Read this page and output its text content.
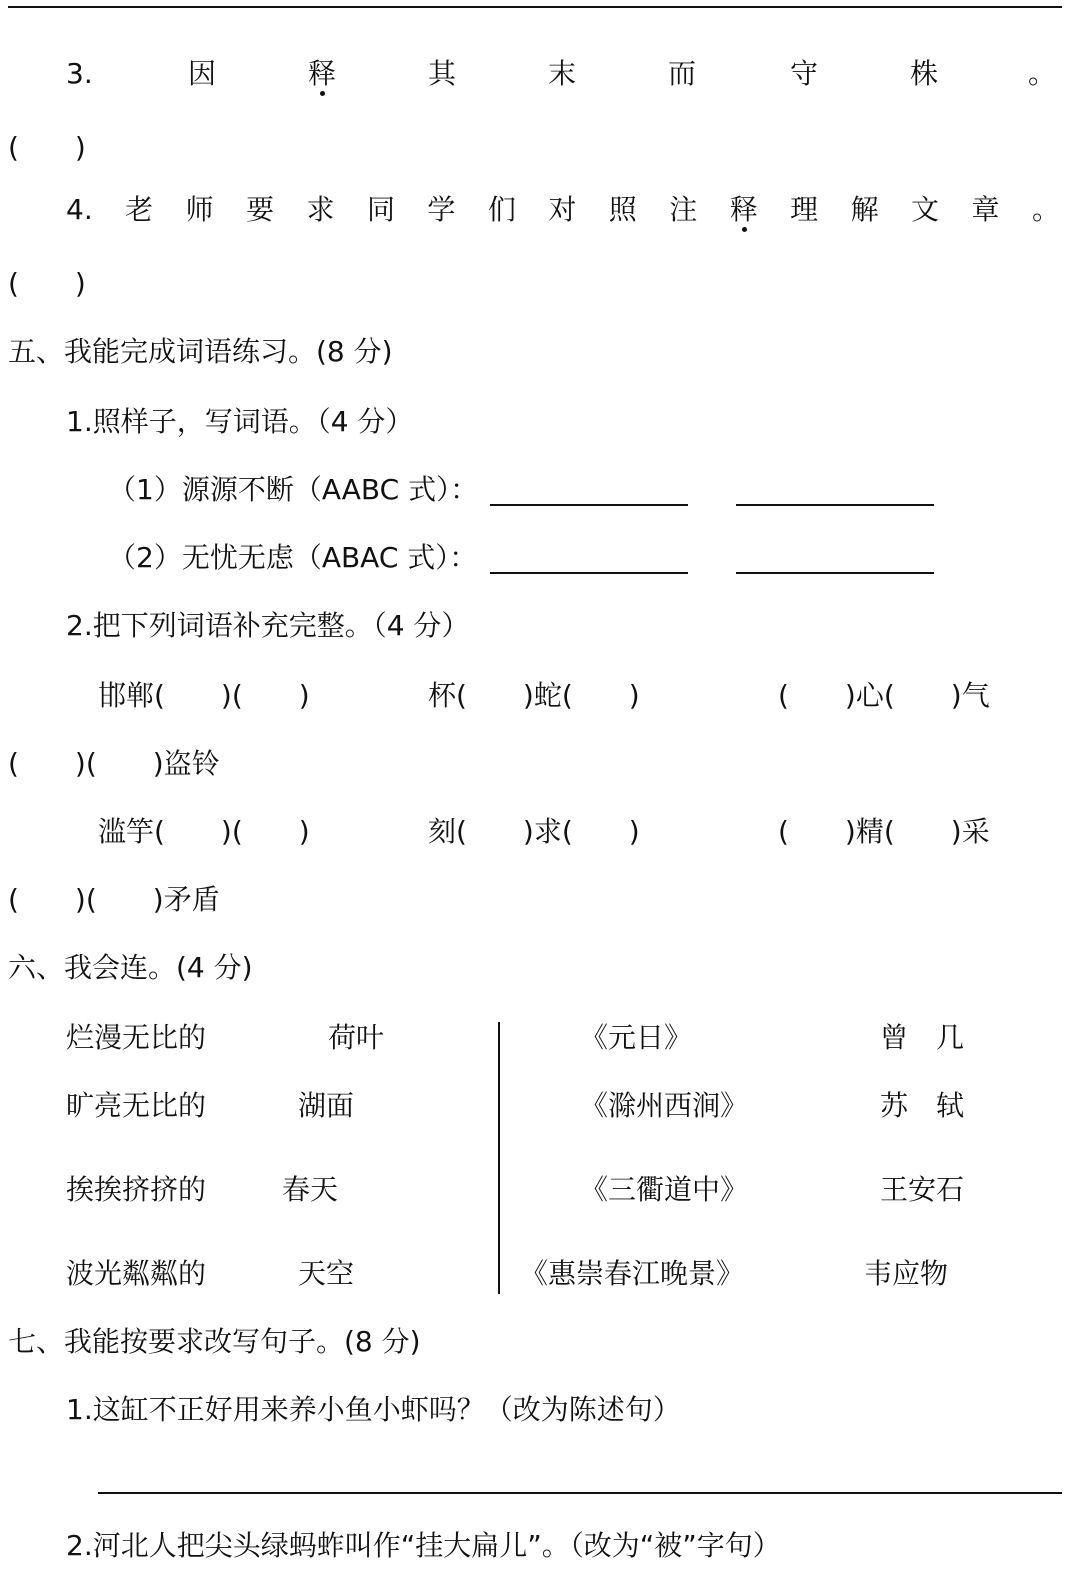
3.	因	释	其	末	而	守	株	。
(　　)
4. 老 师 要 求 同 学 们 对 照 注 释 理 解 文 章 。
(　　)
五、我能完成词语练习。(8 分)
1.照样子，写词语。（4 分）
（1）源源不断（AABC 式）：
（2）无忧无虑（ABAC 式）：
2.把下列词语补充完整。（4 分）
邯郸(　　)(　　)	杯(　　)蛇(　　)	(　　)心(　　)气
(　　)(　　)盗铃
滥竽(　　)(　　)	刻(　　)求(　　)	(　　)精(　　)采
(　　)(　　)矛盾
六、我会连。(4 分)
烂漫无比的	荷叶	《元日》	曾　几
旷亮无比的	湖面	《滁州西涧》	苏　轼
挨挨挤挤的	春天	《三衢道中》	王安石
波光粼粼的	天空	《惠崇春江晚景》	韦应物
七、我能按要求改写句子。(8 分)
1.这缸不正好用来养小鱼小虾吗？（改为陈述句）
2.河北人把尖头绿蚂蚱叫作“挂大扁儿”。（改为“被”字句）
